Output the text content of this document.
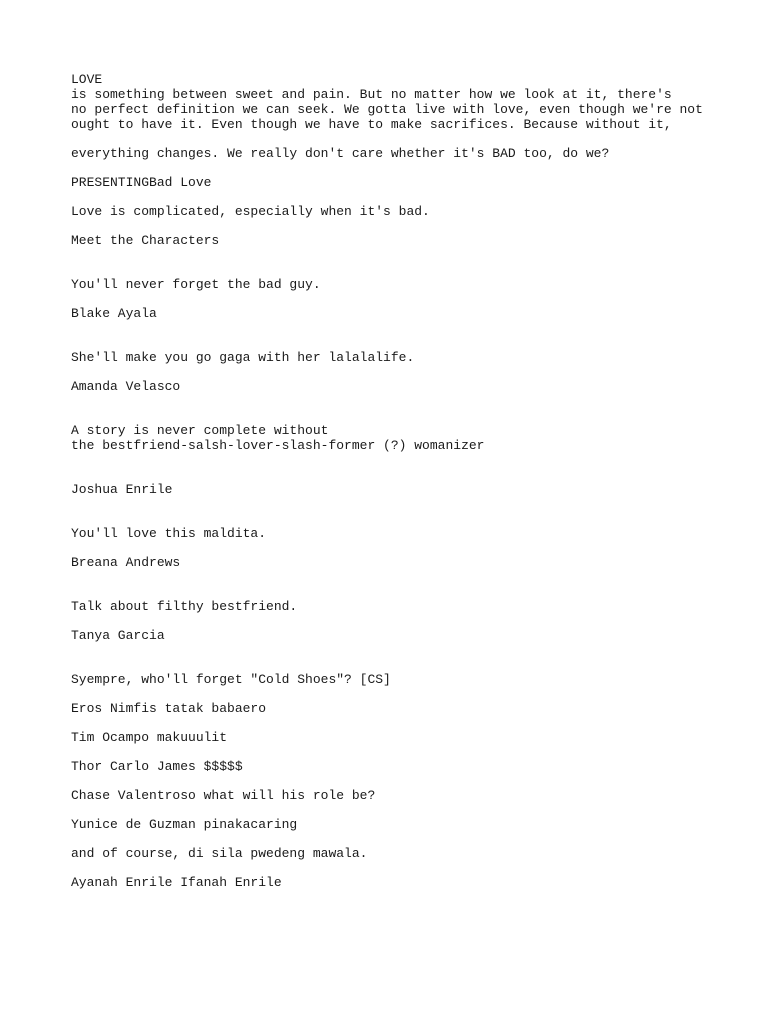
LOVE
is something between sweet and pain. But no matter how we look at it, there's
no perfect definition we can seek. We gotta live with love, even though we're not
ought to have it. Even though we have to make sacrifices. Because without it,
everything changes. We really don't care whether it's BAD too, do we?
PRESENTINGBad Love
Love is complicated, especially when it's bad.
Meet the Characters
You'll never forget the bad guy.
Blake Ayala
She'll make you go gaga with her lalalalife.
Amanda Velasco
A story is never complete without
the bestfriend-salsh-lover-slash-former (?) womanizer
Joshua Enrile
You'll love this maldita.
Breana Andrews
Talk about filthy bestfriend.
Tanya Garcia
Syempre, who'll forget "Cold Shoes"? [CS]
Eros Nimfis tatak babaero
Tim Ocampo makuuulit
Thor Carlo James $$$$$
Chase Valentroso what will his role be?
Yunice de Guzman pinakacaring
and of course, di sila pwedeng mawala.
Ayanah Enrile Ifanah Enrile
